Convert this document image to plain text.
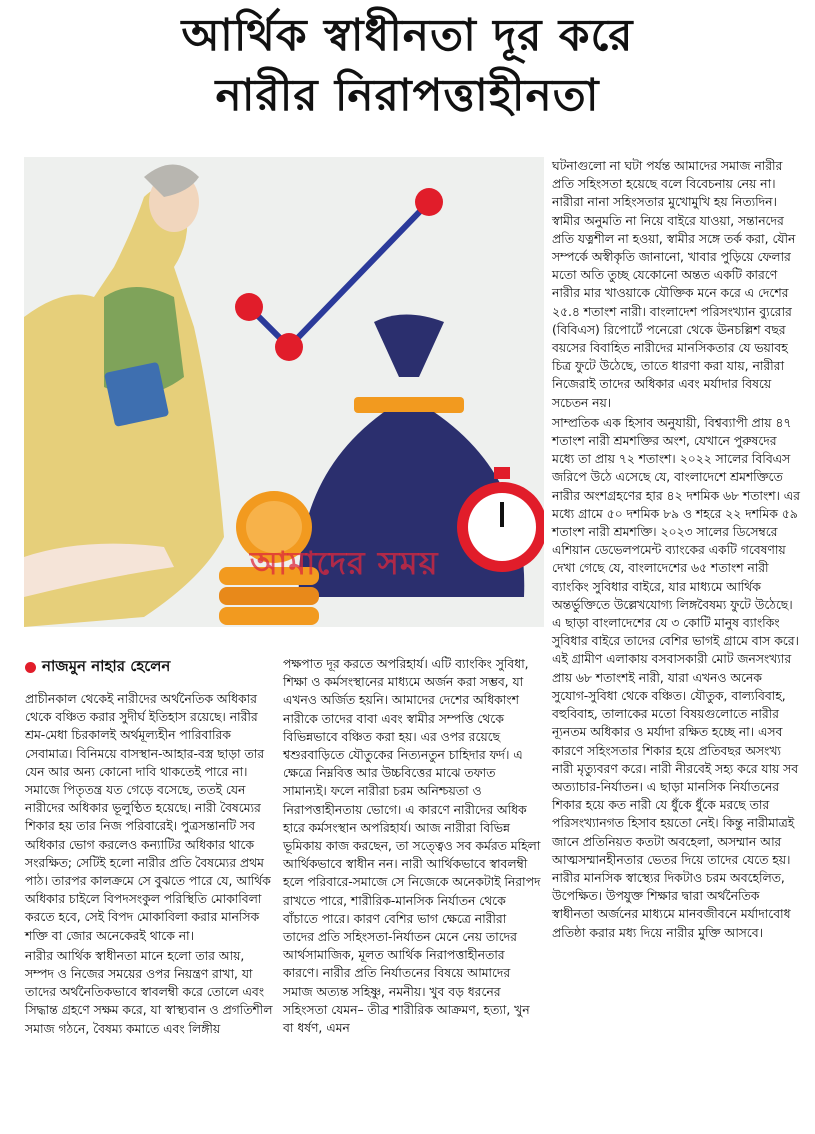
আর্থিক স্বাধীনতা দূর করে
নারীর নিরাপত্তাহীনতা
আমাদের সময়
নাজমুন নাহার হেলেন

প্রাচীনকাল থেকেই নারীদের অর্থনৈতিক অধিকার থেকে বঞ্চিত করার সুদীর্ঘ ইতিহাস রয়েছে। নারীর শ্রম-মেধা চিরকালই অর্থমূল্যহীন পারিবারিক সেবামাত্র। বিনিময়ে বাসস্থান-আহার-বস্ত্র ছাড়া তার যেন আর অন্য কোনো দাবি থাকতেই পারে না। সমাজে পিতৃতন্ত্র যত গেড়ে বসেছে, ততই যেন নারীদের অধিকার ভূলুণ্ঠিত হয়েছে। নারী বৈষম্যের শিকার হয় তার নিজ পরিবারেই। পুত্রসন্তানটি সব অধিকার ভোগ করলেও কন্যাটির অধিকার থাকে সংরক্ষিত; সেটিই হলো নারীর প্রতি বৈষম্যের প্রথম পাঠ। তারপর কালক্রমে সে বুঝতে পারে যে, আর্থিক অধিকার চাইলে বিপদসংকুল পরিস্থিতি মোকাবিলা করতে হবে, সেই বিপদ মোকাবিলা করার মানসিক শক্তি বা জোর অনেকেরই থাকে না।

নারীর আর্থিক স্বাধীনতা মানে হলো তার আয়, সম্পদ ও নিজের সময়ের ওপর নিয়ন্ত্রণ রাখা, যা তাদের অর্থনৈতিকভাবে স্বাবলম্বী করে তোলে এবং সিদ্ধান্ত গ্রহণে সক্ষম করে, যা স্বাস্থ্যবান ও প্রগতিশীল সমাজ গঠনে, বৈষম্য কমাতে এবং লিঙ্গীয়

পক্ষপাত দূর করতে অপরিহার্য। এটি ব্যাংকিং সুবিধা, শিক্ষা ও কর্মসংস্থানের মাধ্যমে অর্জন করা সম্ভব, যা এখনও অর্জিত হয়নি। আমাদের দেশের অধিকাংশ নারীকে তাদের বাবা এবং স্বামীর সম্পত্তি থেকে বিভিন্নভাবে বঞ্চিত করা হয়। এর ওপর রয়েছে শ্বশুরবাড়িতে যৌতুকের নিত্যনতুন চাহিদার ফর্দ। এ ক্ষেত্রে নিম্নবিত্ত আর উচ্চবিত্তের মাঝে তফাত সামান্যই। ফলে নারীরা চরম অনিশ্চয়তা ও নিরাপত্তাহীনতায় ভোগে। এ কারণে নারীদের অধিক হারে কর্মসংস্থান অপরিহার্য। আজ নারীরা বিভিন্ন ভূমিকায় কাজ করছেন, তা সত্ত্বেও সব কর্মরত মহিলা আর্থিকভাবে স্বাধীন নন। নারী আর্থিকভাবে স্বাবলম্বী হলে পরিবারে-সমাজে সে নিজেকে অনেকটাই নিরাপদ রাখতে পারে, শারীরিক-মানসিক নির্যাতন থেকে বাঁচাতে পারে। কারণ বেশির ভাগ ক্ষেত্রে নারীরা তাদের প্রতি সহিংসতা-নির্যাতন মেনে নেয় তাদের আর্থসামাজিক, মূলত আর্থিক নিরাপত্তাহীনতার কারণে। নারীর প্রতি নির্যাতনের বিষয়ে আমাদের সমাজ অত্যন্ত সহিষ্ণু, নমনীয়। খুব বড় ধরনের সহিংসতা যেমন– তীব্র শারীরিক আক্রমণ, হত্যা, খুন বা ধর্ষণ, এমন

ঘটনাগুলো না ঘটা পর্যন্ত আমাদের সমাজ নারীর প্রতি সহিংসতা হয়েছে বলে বিবেচনায় নেয় না। নারীরা নানা সহিংসতার মুখোমুখি হয় নিত্যদিন। স্বামীর অনুমতি না নিয়ে বাইরে যাওয়া, সন্তানদের প্রতি যত্নশীল না হওয়া, স্বামীর সঙ্গে তর্ক করা, যৌন সম্পর্কে অস্বীকৃতি জানানো, খাবার পুড়িয়ে ফেলার মতো অতি তুচ্ছ যেকোনো অন্তত একটি কারণে নারীর মার খাওয়াকে যৌক্তিক মনে করে এ দেশের ২৫.৪ শতাংশ নারী। বাংলাদেশ পরিসংখ্যান ব্যুরোর (বিবিএস) রিপোর্টে পনেরো থেকে ঊনচল্লিশ বছর বয়সের বিবাহিত নারীদের মানসিকতার যে ভয়াবহ চিত্র ফুটে উঠেছে, তাতে ধারণা করা যায়, নারীরা নিজেরাই তাদের অধিকার এবং মর্যাদার বিষয়ে সচেতন নয়।

সাম্প্রতিক এক হিসাব অনুযায়ী, বিশ্বব্যাপী প্রায় ৪৭ শতাংশ নারী শ্রমশক্তির অংশ, যেখানে পুরুষদের মধ্যে তা প্রায় ৭২ শতাংশ। ২০২২ সালের বিবিএস জরিপে উঠে এসেছে যে, বাংলাদেশে শ্রমশক্তিতে নারীর অংশগ্রহণের হার ৪২ দশমিক ৬৮ শতাংশ। এর মধ্যে গ্রামে ৫০ দশমিক ৮৯ ও শহরে ২২ দশমিক ৫৯ শতাংশ নারী শ্রমশক্তি। ২০২৩ সালের ডিসেম্বরে এশিয়ান ডেভেলপমেন্ট ব্যাংকের একটি গবেষণায় দেখা গেছে যে, বাংলাদেশের ৬৫ শতাংশ নারী ব্যাংকিং সুবিধার বাইরে, যার মাধ্যমে আর্থিক অন্তর্ভুক্তিতে উল্লেখযোগ্য লিঙ্গবৈষম্য ফুটে উঠেছে। এ ছাড়া বাংলাদেশের যে ৩ কোটি মানুষ ব্যাংকিং সুবিধার বাইরে তাদের বেশির ভাগই গ্রামে বাস করে। এই গ্রামীণ এলাকায় বসবাসকারী মোট জনসংখ্যার প্রায় ৬৮ শতাংশই নারী, যারা এখনও অনেক সুযোগ-সুবিধা থেকে বঞ্চিত। যৌতুক, বাল্যবিবাহ, বহুবিবাহ, তালাকের মতো বিষয়গুলোতে নারীর ন্যূনতম অধিকার ও মর্যাদা রক্ষিত হচ্ছে না। এসব কারণে সহিংসতার শিকার হয়ে প্রতিবছর অসংখ্য নারী মৃত্যুবরণ করে। নারী নীরবেই সহ্য করে যায় সব অত্যাচার-নির্যাতন। এ ছাড়া মানসিক নির্যাতনের শিকার হয়ে কত নারী যে ধুঁকে ধুঁকে মরছে তার পরিসংখ্যানগত হিসাব হয়তো নেই। কিন্তু নারীমাত্রই জানে প্রতিনিয়ত কতটা অবহেলা, অসম্মান আর আত্মসম্মানহীনতার ভেতর দিয়ে তাদের যেতে হয়। নারীর মানসিক স্বাস্থ্যের দিকটাও চরম অবহেলিত, উপেক্ষিত। উপযুক্ত শিক্ষার দ্বারা অর্থনৈতিক স্বাধীনতা অর্জনের মাধ্যমে মানবজীবনে মর্যাদাবোধ প্রতিষ্ঠা করার মধ্য দিয়ে নারীর মুক্তি আসবে।
